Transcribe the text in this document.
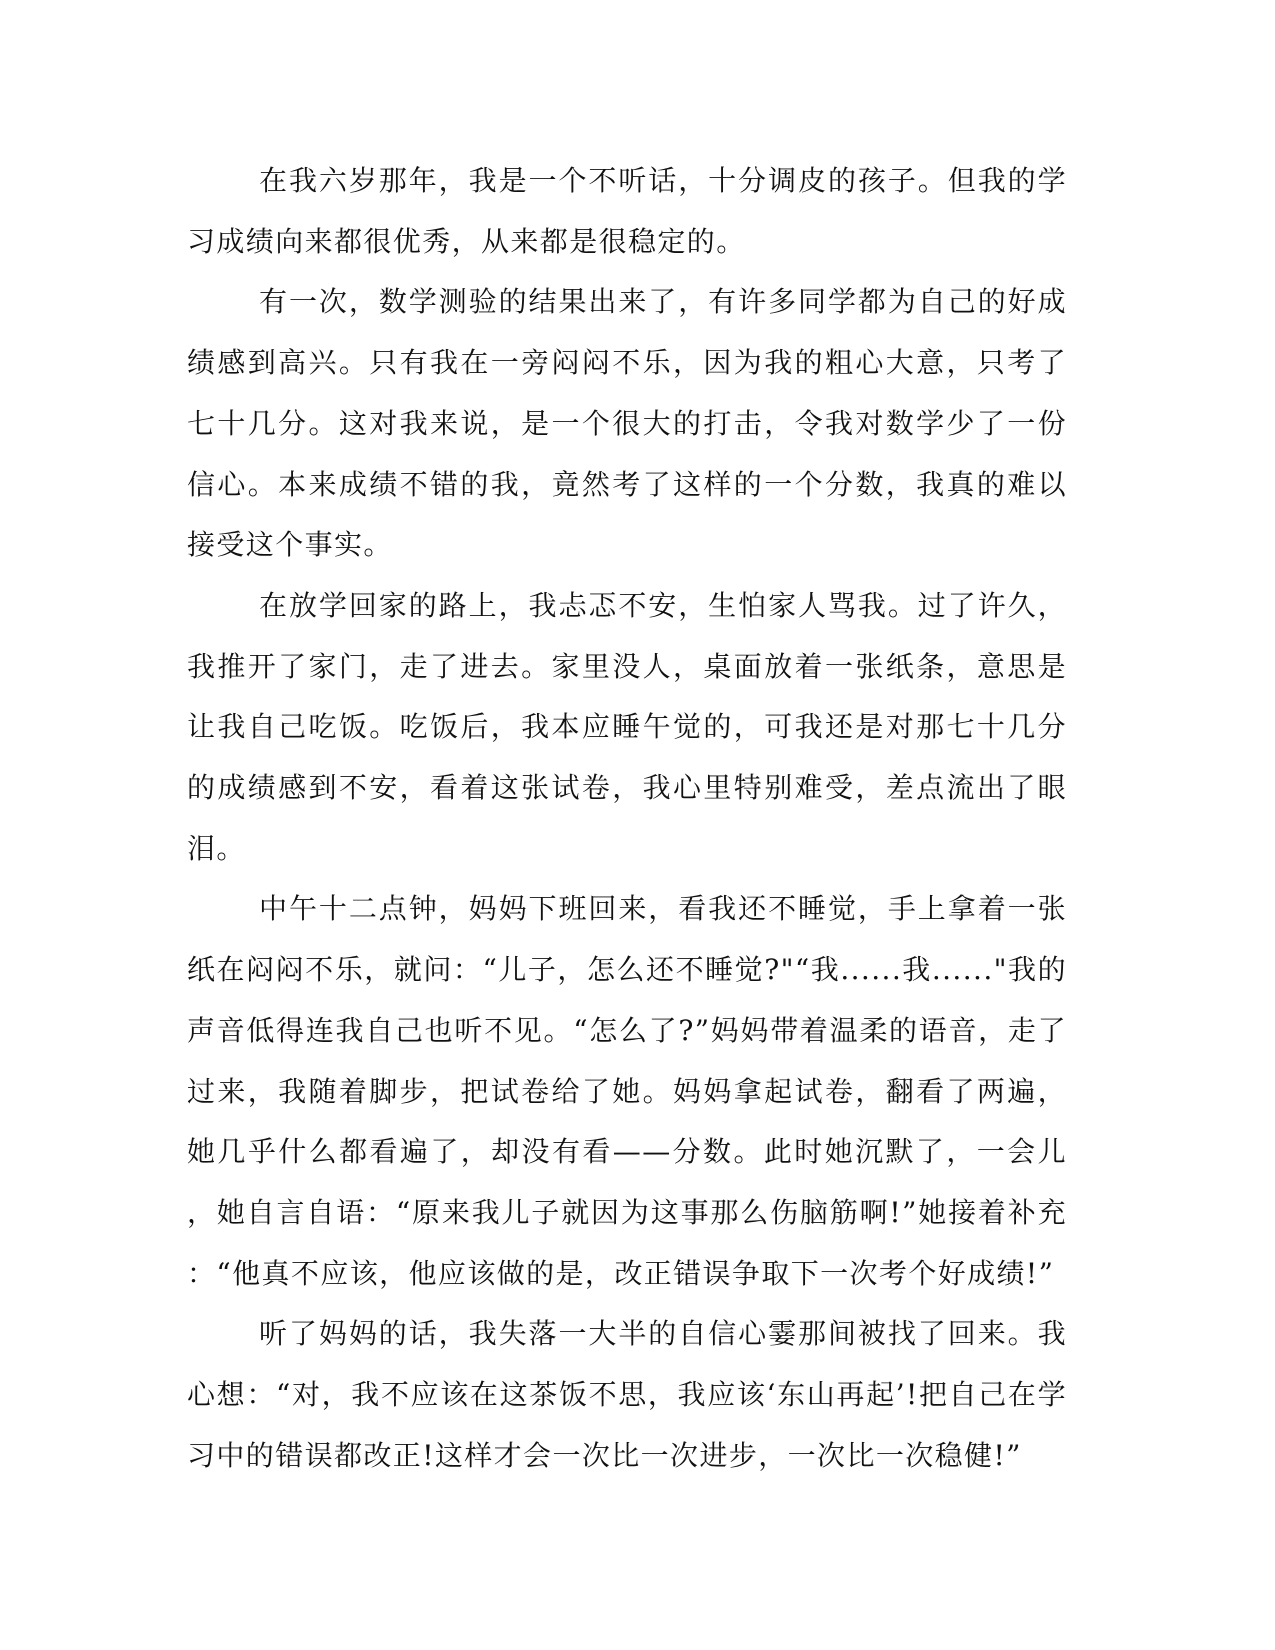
在我六岁那年，我是一个不听话，十分调皮的孩子。但我的学习成绩向来都很优秀，从来都是很稳定的。

有一次，数学测验的结果出来了，有许多同学都为自己的好成绩感到高兴。只有我在一旁闷闷不乐，因为我的粗心大意，只考了七十几分。这对我来说，是一个很大的打击，令我对数学少了一份信心。本来成绩不错的我，竟然考了这样的一个分数，我真的难以接受这个事实。

在放学回家的路上，我忐忑不安，生怕家人骂我。过了许久，我推开了家门，走了进去。家里没人，桌面放着一张纸条，意思是让我自己吃饭。吃饭后，我本应睡午觉的，可我还是对那七十几分的成绩感到不安，看着这张试卷，我心里特别难受，差点流出了眼泪。

中午十二点钟，妈妈下班回来，看我还不睡觉，手上拿着一张纸在闷闷不乐，就问：“儿子，怎么还不睡觉?"“我......我......"我的声音低得连我自己也听不见。“怎么了?”妈妈带着温柔的语音，走了过来，我随着脚步，把试卷给了她。妈妈拿起试卷，翻看了两遍，她几乎什么都看遍了，却没有看——分数。此时她沉默了，一会儿，她自言自语：“原来我儿子就因为这事那么伤脑筋啊!”她接着补充：“他真不应该，他应该做的是，改正错误争取下一次考个好成绩!”

听了妈妈的话，我失落一大半的自信心霎那间被找了回来。我心想：“对，我不应该在这茶饭不思，我应该‘东山再起’!把自己在学习中的错误都改正!这样才会一次比一次进步，一次比一次稳健!”
